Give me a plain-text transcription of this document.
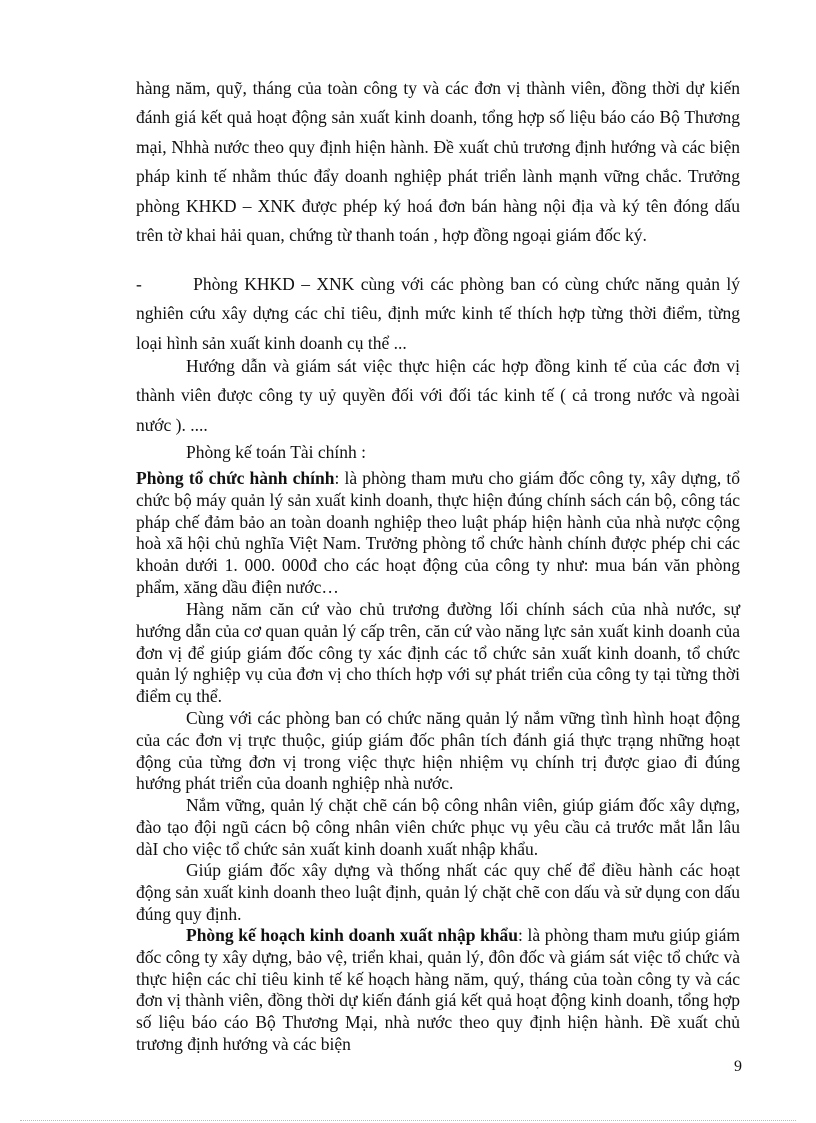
hàng năm, quỹ, tháng của toàn công ty và các đơn vị thành viên, đồng thời dự kiến đánh giá kết quả hoạt động sản xuất kinh doanh, tổng hợp số liệu báo cáo Bộ Thương mại, Nhhà nước theo quy định hiện hành. Đề xuất chủ trương định hướng và các biện pháp kinh tế nhằm thúc đẩy doanh nghiệp phát triển lành mạnh vững chắc. Trưởng phòng KHKD – XNK được phép ký hoá đơn bán hàng nội địa và ký tên đóng dấu trên tờ khai hải quan, chứng từ thanh toán , hợp đồng ngoại giám đốc ký.
-        Phòng KHKD – XNK cùng với các phòng ban có cùng chức năng quản lý nghiên cứu xây dựng các chỉ tiêu, định mức kinh tế thích hợp từng thời điểm, từng loại hình sản xuất kinh doanh cụ thể ...
Hướng dẫn và giám sát việc thực hiện các hợp đồng kinh tế của các đơn vị thành viên được công ty uỷ quyền đối với đối tác kinh tế ( cả trong nước và ngoài nước ). ....
Phòng kế toán Tài chính :
Phòng tổ chức hành chính: là phòng tham mưu cho giám đốc công ty, xây dựng, tổ chức bộ máy quản lý sản xuất kinh doanh, thực hiện đúng chính sách cán bộ, công tác pháp chế đảm bảo an toàn doanh nghiệp theo luật pháp hiện hành của nhà nược cộng hoà xã hội chủ nghĩa Việt Nam. Trưởng phòng tổ chức hành chính được phép chi các khoản dưới 1. 000. 000đ cho các hoạt động của công ty như: mua bán văn phòng phẩm, xăng dầu điện nước…
Hàng năm căn cứ vào chủ trương đường lối chính sách của nhà nước, sự hướng dẫn của cơ quan quản lý cấp trên, căn cứ vào năng lực sản xuất kinh doanh của đơn vị để giúp giám đốc công ty xác định các tổ chức sản xuất kinh doanh, tổ chức quản lý nghiệp vụ của đơn vị cho thích hợp với sự phát triển của công ty tại từng thời điểm cụ thể.
Cùng với các phòng ban có chức năng quản lý nắm vững tình hình hoạt động của các đơn vị trực thuộc, giúp giám đốc phân tích đánh giá thực trạng những hoạt động của từng đơn vị trong việc thực hiện nhiệm vụ chính trị được giao đi đúng hướng phát triển của doanh nghiệp nhà nước.
Nắm vững, quản lý chặt chẽ cán bộ công nhân viên, giúp giám đốc xây dựng, đào tạo đội ngũ cácn bộ công nhân viên chức phục vụ yêu cầu cả trước mắt lẫn lâu dàI cho việc tổ chức sản xuất kinh doanh xuất nhập khẩu.
Giúp giám đốc xây dựng và thống nhất các quy chế để điều hành các hoạt động sản xuất kinh doanh theo luật định, quản lý chặt chẽ con dấu và sử dụng con dấu đúng quy định.
Phòng kế hoạch kinh doanh xuất nhập khẩu: là phòng tham mưu giúp giám đốc công ty xây dựng, bảo vệ, triển khai, quản lý, đôn đốc và giám sát việc tổ chức và thực hiện các chỉ tiêu kinh tế kế hoạch hàng năm, quý, tháng của toàn công ty và các đơn vị thành viên, đồng thời dự kiến đánh giá kết quả hoạt động kinh doanh, tổng hợp số liệu báo cáo Bộ Thương Mại, nhà nước theo quy định hiện hành. Đề xuất chủ trương định hướng và các biện
9
